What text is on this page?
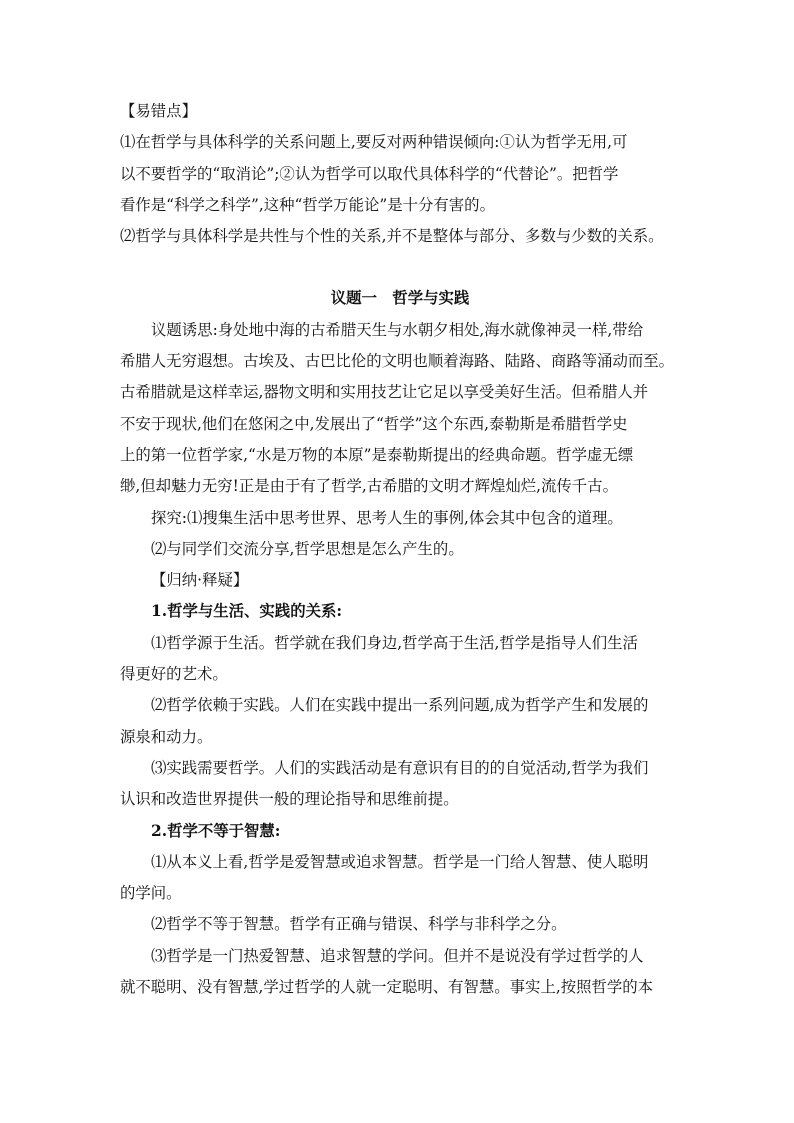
【易错点】

⑴在哲学与具体科学的关系问题上,要反对两种错误倾向:①认为哲学无用,可

以不要哲学的“取消论”;②认为哲学可以取代具体科学的“代替论”。把哲学

看作是“科学之科学”,这种“哲学万能论”是十分有害的。

⑵哲学与具体科学是共性与个性的关系,并不是整体与部分、多数与少数的关系。

议题一　哲学与实践

议题诱思:身处地中海的古希腊天生与水朝夕相处,海水就像神灵一样,带给

希腊人无穷遐想。古埃及、古巴比伦的文明也顺着海路、陆路、商路等涌动而至。

古希腊就是这样幸运,器物文明和实用技艺让它足以享受美好生活。但希腊人并

不安于现状,他们在悠闲之中,发展出了“哲学”这个东西,泰勒斯是希腊哲学史

上的第一位哲学家,“水是万物的本原”是泰勒斯提出的经典命题。哲学虚无缥

缈,但却魅力无穷!正是由于有了哲学,古希腊的文明才辉煌灿烂,流传千古。

探究:⑴搜集生活中思考世界、思考人生的事例,体会其中包含的道理。

⑵与同学们交流分享,哲学思想是怎么产生的。

【归纳·释疑】

1.哲学与生活、实践的关系:

⑴哲学源于生活。哲学就在我们身边,哲学高于生活,哲学是指导人们生活

得更好的艺术。

⑵哲学依赖于实践。人们在实践中提出一系列问题,成为哲学产生和发展的

源泉和动力。

⑶实践需要哲学。人们的实践活动是有意识有目的的自觉活动,哲学为我们

认识和改造世界提供一般的理论指导和思维前提。

2.哲学不等于智慧:

⑴从本义上看,哲学是爱智慧或追求智慧。哲学是一门给人智慧、使人聪明

的学问。

⑵哲学不等于智慧。哲学有正确与错误、科学与非科学之分。

⑶哲学是一门热爱智慧、追求智慧的学问。但并不是说没有学过哲学的人

就不聪明、没有智慧,学过哲学的人就一定聪明、有智慧。事实上,按照哲学的本
